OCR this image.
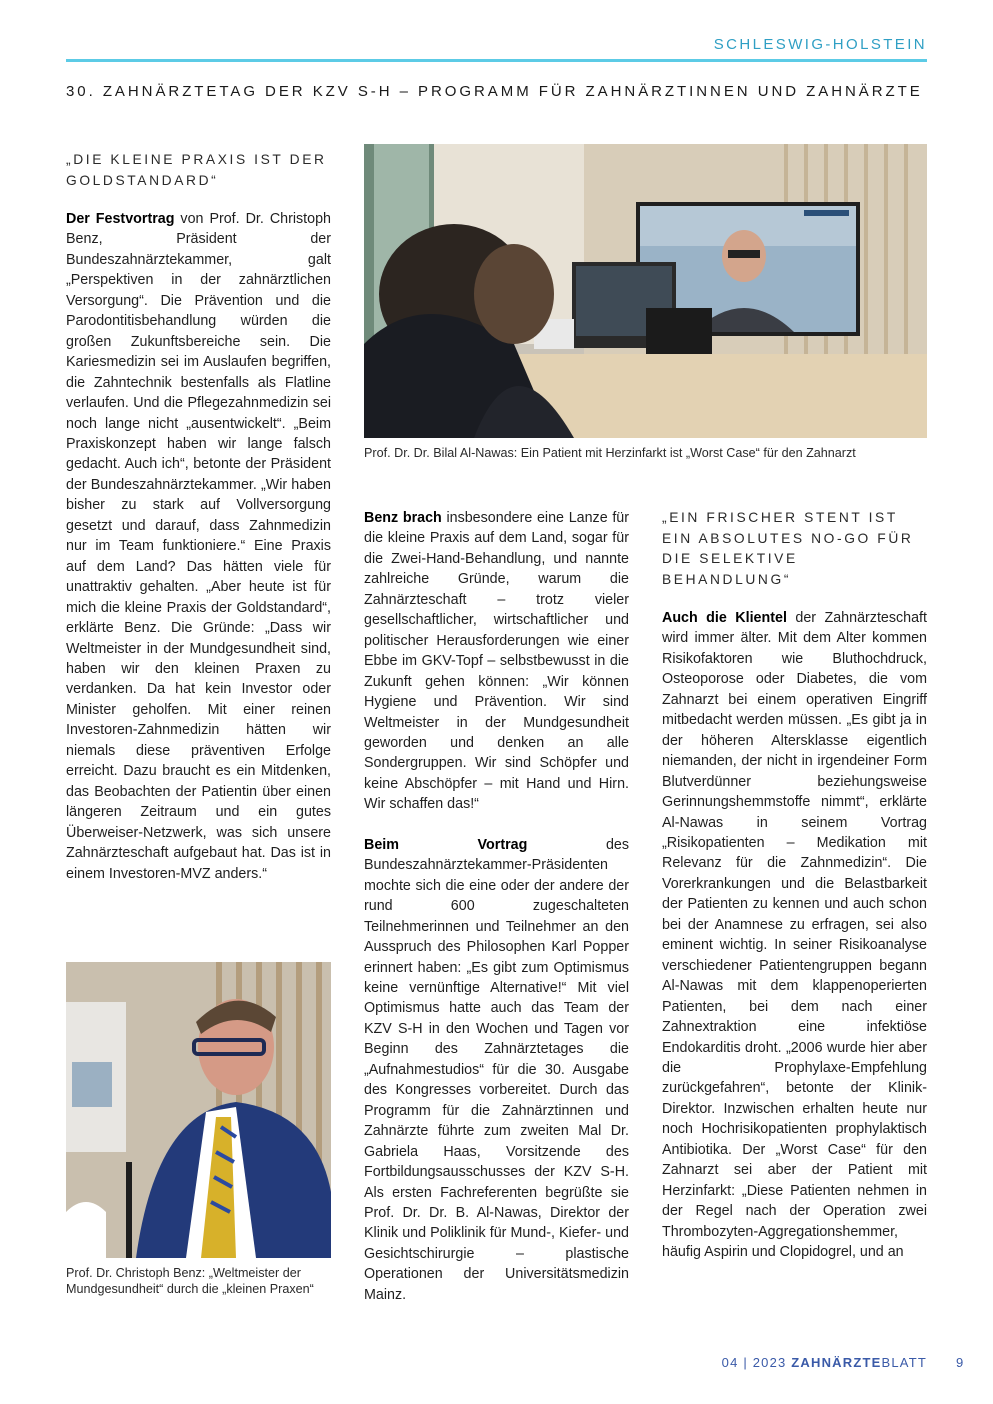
SCHLESWIG-HOLSTEIN
30. ZAHNÄRZTETAG DER KZV S-H – PROGRAMM FÜR ZAHNÄRZTINNEN UND ZAHNÄRZTE
„DIE KLEINE PRAXIS IST DER GOLDSTANDARD“

Der Festvortrag von Prof. Dr. Christoph Benz, Präsident der Bundeszahnärztekammer, galt „Perspektiven in der zahnärztlichen Versorgung“. Die Prävention und die Parodontitisbehandlung würden die großen Zukunftsbereiche sein. Die Kariesmedizin sei im Auslaufen begriffen, die Zahntechnik bestenfalls als Flatline verlaufen. Und die Pflegezahnmedizin sei noch lange nicht „ausentwickelt“. „Beim Praxiskonzept haben wir lange falsch gedacht. Auch ich“, betonte der Präsident der Bundeszahnärztekammer. „Wir haben bisher zu stark auf Vollversorgung gesetzt und darauf, dass Zahnmedizin nur im Team funktioniere.“ Eine Praxis auf dem Land? Das hätten viele für unattraktiv gehalten. „Aber heute ist für mich die kleine Praxis der Goldstandard“, erklärte Benz. Die Gründe: „Dass wir Weltmeister in der Mundgesundheit sind, haben wir den kleinen Praxen zu verdanken. Da hat kein Investor oder Minister geholfen. Mit einer reinen Investoren-Zahnmedizin hätten wir niemals diese präventiven Erfolge erreicht. Dazu braucht es ein Mitdenken, das Beobachten der Patientin über einen längeren Zeitraum und ein gutes Überweiser-Netzwerk, was sich unsere Zahnärzteschaft aufgebaut hat. Das ist in einem Investoren-MVZ anders.“

Prof. Dr. Dr. Bilal Al-Nawas: Ein Patient mit Herzinfarkt ist „Worst Case“ für den Zahnarzt

Benz brach insbesondere eine Lanze für die kleine Praxis auf dem Land, sogar für die Zwei-Hand-Behandlung, und nannte zahlreiche Gründe, warum die Zahnärzteschaft – trotz vieler gesellschaftlicher, wirtschaftlicher und politischer Herausforderungen wie einer Ebbe im GKV-Topf – selbstbewusst in die Zukunft gehen können: „Wir können Hygiene und Prävention. Wir sind Weltmeister in der Mundgesundheit geworden und denken an alle Sondergruppen. Wir sind Schöpfer und keine Abschöpfer – mit Hand und Hirn. Wir schaffen das!“

Beim Vortrag des Bundeszahnärztekammer-Präsidenten mochte sich die eine oder der andere der rund 600 zugeschalteten Teilnehmerinnen und Teilnehmer an den Ausspruch des Philosophen Karl Popper erinnert haben: „Es gibt zum Optimismus keine vernünftige Alternative!“ Mit viel Optimismus hatte auch das Team der KZV S-H in den Wochen und Tagen vor Beginn des Zahnärztetages die „Aufnahmestudios“ für die 30. Ausgabe des Kongresses vorbereitet. Durch das Programm für die Zahnärztinnen und Zahnärzte führte zum zweiten Mal Dr. Gabriela Haas, Vorsitzende des Fortbildungsausschusses der KZV S-H. Als ersten Fachreferenten begrüßte sie Prof. Dr. Dr. B. Al-Nawas, Direktor der Klinik und Poliklinik für Mund-, Kiefer- und Gesichtschirurgie – plastische Operationen der Universitätsmedizin Mainz.

„EIN FRISCHER STENT IST EIN ABSOLUTES NO-GO FÜR DIE SELEKTIVE BEHANDLUNG“

Auch die Klientel der Zahnärzteschaft wird immer älter. Mit dem Alter kommen Risikofaktoren wie Bluthochdruck, Osteoporose oder Diabetes, die vom Zahnarzt bei einem operativen Eingriff mitbedacht werden müssen. „Es gibt ja in der höheren Altersklasse eigentlich niemanden, der nicht in irgendeiner Form Blutverdünner beziehungsweise Gerinnungshemmstoffe nimmt“, erklärte Al-Nawas in seinem Vortrag „Risikopatienten – Medikation mit Relevanz für die Zahnmedizin“. Die Vorerkrankungen und die Belastbarkeit der Patienten zu kennen und auch schon bei der Anamnese zu erfragen, sei also eminent wichtig. In seiner Risikoanalyse verschiedener Patientengruppen begann Al-Nawas mit dem klappenoperierten Patienten, bei dem nach einer Zahnextraktion eine infektiöse Endokarditis droht. „2006 wurde hier aber die Prophylaxe-Empfehlung zurückgefahren“, betonte der Klinik-Direktor. Inzwischen erhalten heute nur noch Hochrisikopatienten prophylaktisch Antibiotika. Der „Worst Case“ für den Zahnarzt sei aber der Patient mit Herzinfarkt: „Diese Patienten nehmen in der Regel nach der Operation zwei Thrombozyten-Aggregationshemmer, häufig Aspirin und Clopidogrel, und an

Prof. Dr. Christoph Benz: „Weltmeister der Mundgesundheit“ durch die „kleinen Praxen“
04 | 2023 ZAHNÄRZTEBLATT 9
